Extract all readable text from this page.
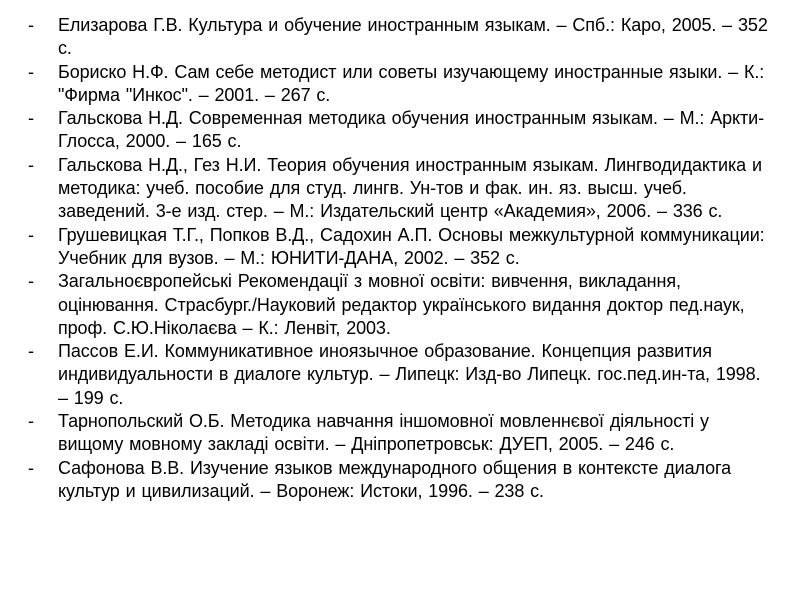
- Елизарова Г.В. Культура и обучение иностранным языкам. – Спб.: Каро, 2005. – 352 с.
- Бориско Н.Ф. Сам себе методист или советы изучающему иностранные языки. – К.: "Фирма "Инкос". – 2001. – 267 с.
- Гальскова Н.Д. Современная методика обучения иностранным языкам. – М.: Аркти-Глосса, 2000. – 165 с.
- Гальскова Н.Д., Гез Н.И. Теория обучения иностранным языкам. Лингводидактика и методика: учеб. пособие для студ. лингв. Ун-тов и фак. ин. яз. высш. учеб. заведений. 3-е изд. стер. – М.: Издательский центр «Академия», 2006. – 336 с.
- Грушевицкая Т.Г., Попков В.Д., Садохин А.П. Основы межкультурной коммуникации: Учебник для вузов. – М.: ЮНИТИ-ДАНА, 2002. – 352 с.
- Загальноєвропейські Рекомендації з мовної освіти: вивчення, викладання, оцінювання. Страсбург./Науковий редактор українського видання доктор пед.наук, проф. С.Ю.Ніколаєва – К.: Ленвіт, 2003.
- Пассов Е.И. Коммуникативное иноязычное образование. Концепция развития индивидуальности в диалоге культур. – Липецк: Изд-во Липецк. гос.пед.ин-та, 1998. – 199 с.
- Тарнопольский О.Б. Методика навчання іншомовної мовленнєвої діяльності у вищому мовному закладі освіти. – Дніпропетровськ: ДУЕП, 2005. – 246 с.
- Сафонова В.В. Изучение языков международного общения в контексте диалога культур и цивилизаций. – Воронеж: Истоки, 1996. – 238 с.
